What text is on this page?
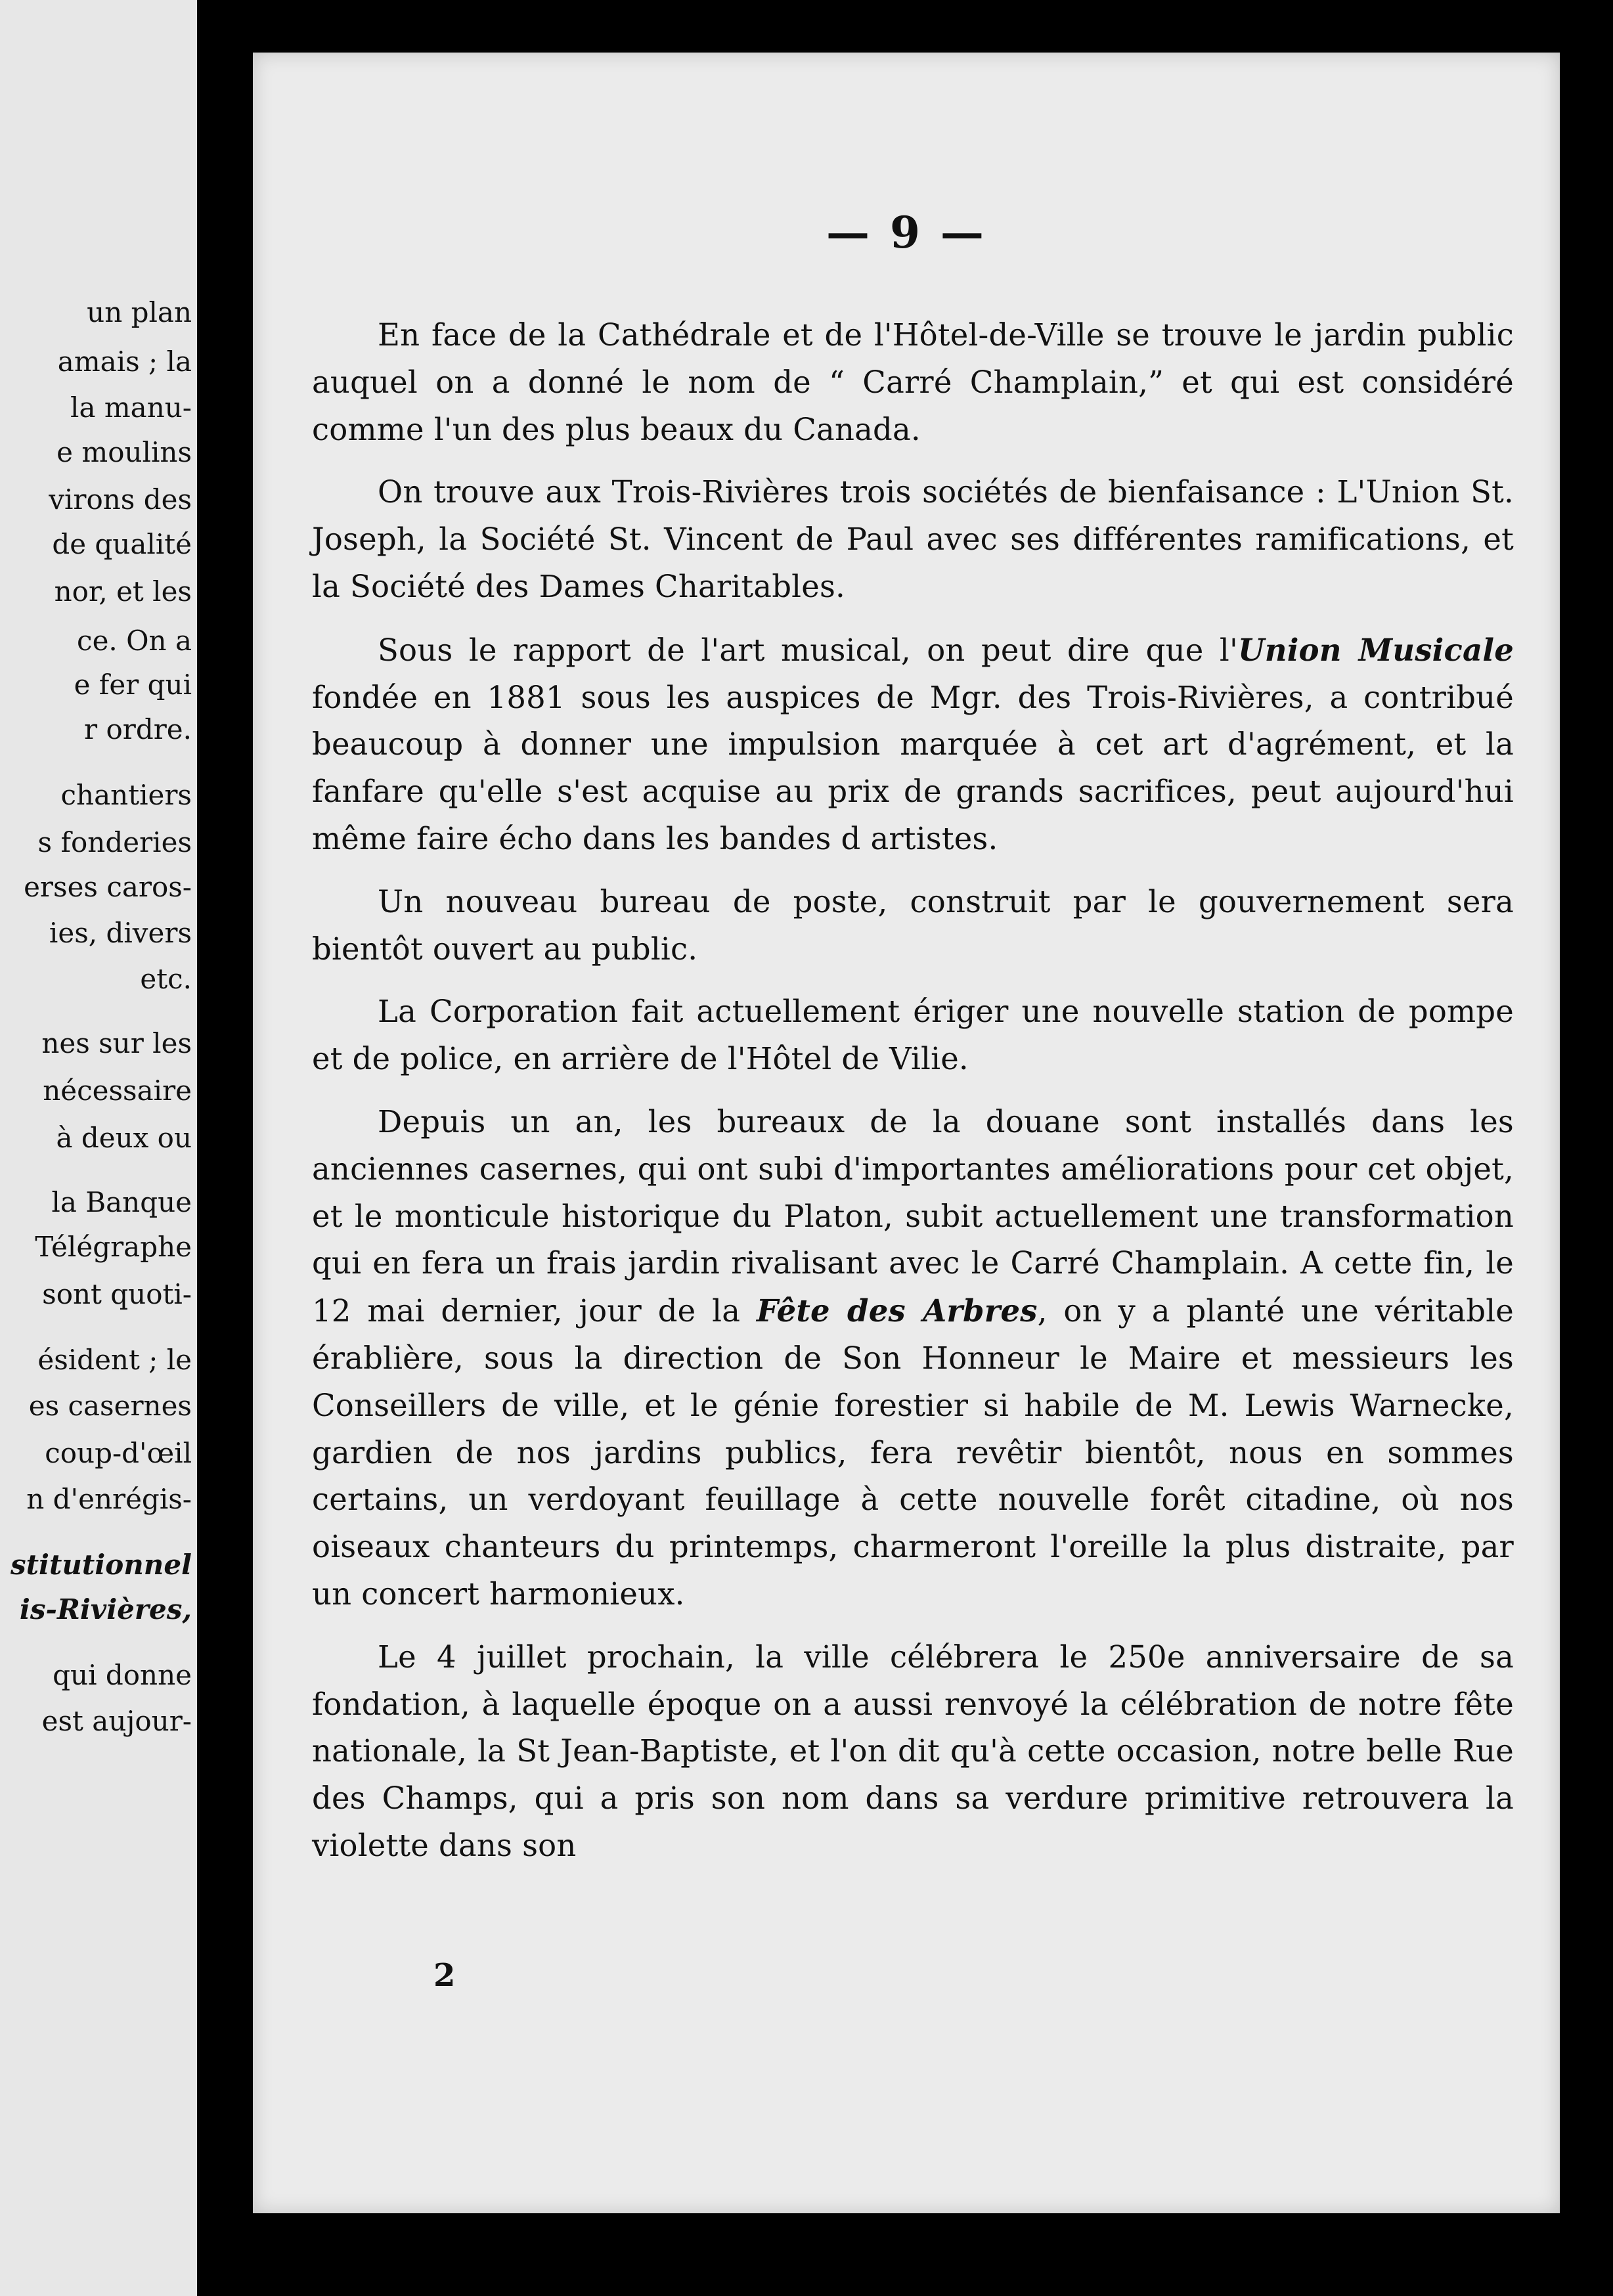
un plan
amais ; la
la manu-
e moulins
virons des
de qualité
nor, et les
ce. On a
e fer qui
r ordre.
chantiers
s fonderies
erses caros-
ies, divers
etc.
nes sur les
nécessaire
à deux ou
la Banque
Télégraphe
sont quoti-
ésident ; le
es casernes
coup-d'œil
n d'enrégis-
stitutionnel
is-Rivières,
qui donne
est aujour-
— 9 —

En face de la Cathédrale et de l'Hôtel-de-Ville se trouve le jardin public auquel on a donné le nom de “ Carré Champlain,” et qui est considéré comme l'un des plus beaux du Canada.

On trouve aux Trois-Rivières trois sociétés de bienfaisance : L'Union St. Joseph, la Société St. Vincent de Paul avec ses différentes ramifications, et la Société des Dames Charitables.

Sous le rapport de l'art musical, on peut dire que l'Union Musicale fondée en 1881 sous les auspices de Mgr. des Trois-Rivières, a contribué beaucoup à donner une impulsion marquée à cet art d'agrément, et la fanfare qu'elle s'est acquise au prix de grands sacrifices, peut aujourd'hui même faire écho dans les bandes d artistes.

Un nouveau bureau de poste, construit par le gouvernement sera bientôt ouvert au public.

La Corporation fait actuellement ériger une nouvelle station de pompe et de police, en arrière de l'Hôtel de Vilie.

Depuis un an, les bureaux de la douane sont installés dans les anciennes casernes, qui ont subi d'importantes améliorations pour cet objet, et le monticule historique du Platon, subit actuellement une transformation qui en fera un frais jardin rivalisant avec le Carré Champlain. A cette fin, le 12 mai dernier, jour de la Fête des Arbres, on y a planté une véritable érablière, sous la direction de Son Honneur le Maire et messieurs les Conseillers de ville, et le génie forestier si habile de M. Lewis Warnecke, gardien de nos jardins publics, fera revêtir bientôt, nous en sommes certains, un verdoyant feuillage à cette nouvelle forêt citadine, où nos oiseaux chanteurs du printemps, charmeront l'oreille la plus distraite, par un concert harmonieux.

Le 4 juillet prochain, la ville célébrera le 250e anniversaire de sa fondation, à laquelle époque on a aussi renvoyé la célébration de notre fête nationale, la St Jean-Baptiste, et l'on dit qu'à cette occasion, notre belle Rue des Champs, qui a pris son nom dans sa verdure primitive retrouvera la violette dans son

2
